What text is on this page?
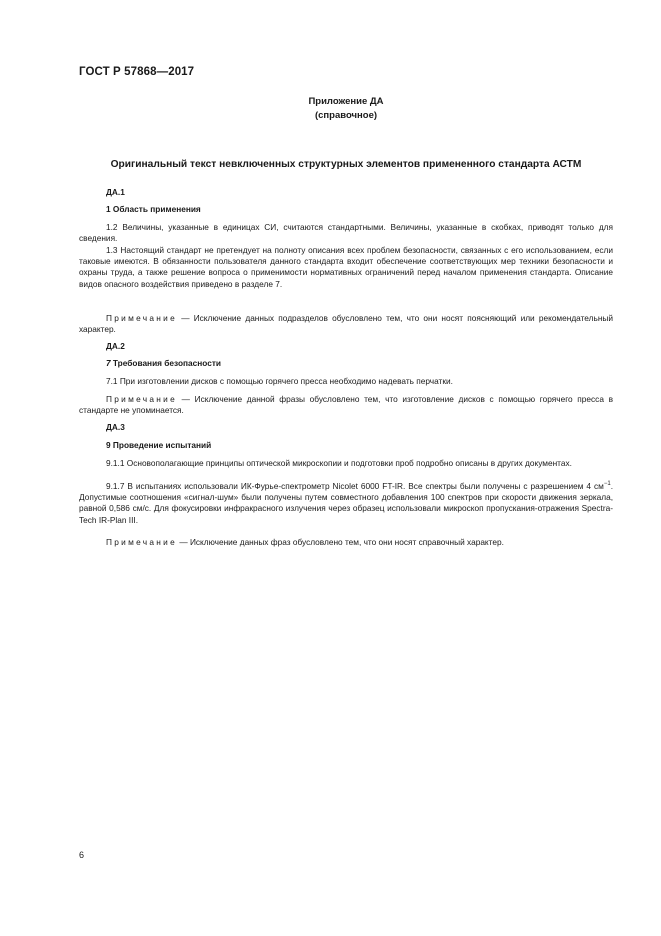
ГОСТ Р 57868—2017
Приложение ДА
(справочное)
Оригинальный текст невключенных структурных элементов примененного стандарта АСТМ
ДА.1
1 Область применения
1.2 Величины, указанные в единицах СИ, считаются стандартными. Величины, указанные в скобках, приводят только для сведения.
1.3 Настоящий стандарт не претендует на полноту описания всех проблем безопасности, связанных с его использованием, если таковые имеются. В обязанности пользователя данного стандарта входит обеспечение соответствующих мер техники безопасности и охраны труда, а также решение вопроса о применимости нормативных ограничений перед началом применения стандарта. Описание видов опасного воздействия приведено в разделе 7.
Примечание — Исключение данных подразделов обусловлено тем, что они носят поясняющий или рекомендательный характер.
ДА.2
7 Требования безопасности
7.1 При изготовлении дисков с помощью горячего пресса необходимо надевать перчатки.
Примечание — Исключение данной фразы обусловлено тем, что изготовление дисков с помощью горячего пресса в стандарте не упоминается.
ДА.3
9 Проведение испытаний
9.1.1 Основополагающие принципы оптической микроскопии и подготовки проб подробно описаны в других документах.
9.1.7 В испытаниях использовали ИК-Фурье-спектрометр Nicolet 6000 FT-IR. Все спектры были получены с разрешением 4 $см^{-1}$. Допустимые соотношения «сигнал-шум» были получены путем совместного добавления 100 спектров при скорости движения зеркала, равной 0,586 см/с. Для фокусировки инфракрасного излучения через образец использовали микроскоп пропускания-отражения Spectra-Tech IR-Plan III.
Примечание — Исключение данных фраз обусловлено тем, что они носят справочный характер.
6
